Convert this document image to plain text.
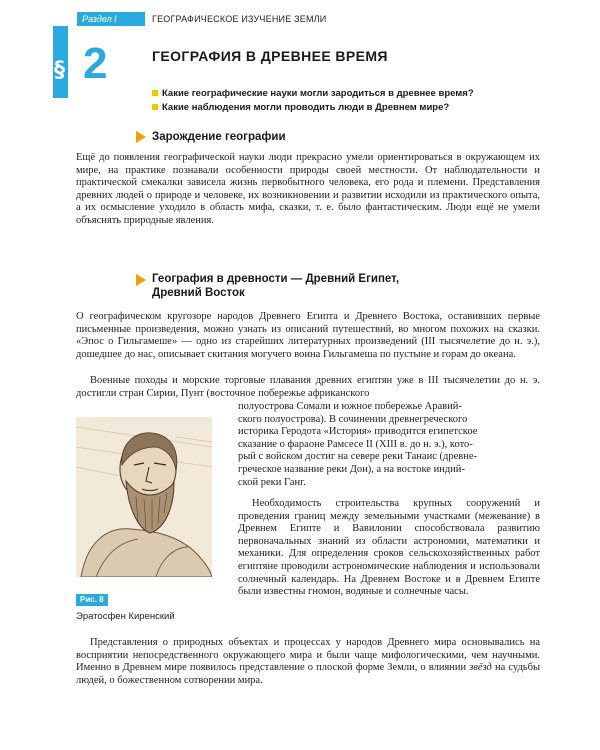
Раздел I	ГЕОГРАФИЧЕСКОЕ ИЗУЧЕНИЕ ЗЕМЛИ
§ 2	ГЕОГРАФИЯ В ДРЕВНЕЕ ВРЕМЯ
Какие географические науки могли зародиться в древнее время?
Какие наблюдения могли проводить люди в Древнем мире?
Зарождение географии

Ещё до появления географической науки люди прекрасно умели ориентироваться в окружающем их мире, на практике познавали особенности природы своей местности. От наблюдательности и практической смекалки зависела жизнь первобытного человека, его рода и племени. Представления древних людей о природе и человеке, их возникновении и развитии исходили из практического опыта, а их осмысление уходило в область мифа, сказки, т. е. было фантастическим. Люди ещё не умели объяснять природные явления.

География в древности — Древний Египет,
Древний Восток

О географическом кругозоре народов Древнего Египта и Древнего Востока, оставивших первые письменные произведения, можно узнать из описаний путешествий, во многом похожих на сказки. «Эпос о Гильгамеше» — одно из старейших литературных произведений (III тысячелетие до н. э.), дошедшее до нас, описывает скитания могучего воина Гильгамеша по пустыне и горам до океана.

Военные походы и морские торговые плавания древних египтян уже в III тысячелетии до н. э. достигли стран Сирии, Пунт (восточное побережье африканского

полуострова Сомали и южное побережье Аравий-
ского полуострова). В сочинении древнегреческого
историка Геродота «История» приводится египетское
сказание о фараоне Рамсесе II (XIII в. до н. э.), кото-
рый с войском достиг на севере реки Танаис (древне-
греческое название реки Дон), а на востоке индий-
ской реки Ганг.

Необходимость строительства крупных сооружений и проведения границ между земельными участками (межевание) в Древнем Египте и Вавилонии способствовала развитию первоначальных знаний из области астрономии, математики и механики. Для определения сроков сельскохозяйственных работ египтяне проводили астрономические наблюдения и использовали солнечный календарь. На Древнем Востоке и в Древнем Египте были известны гномон, водяные и солнечные часы.

Рис. 8
Эратосфен Киренский

Представления о природных объектах и процессах у народов Древнего мира основывались на восприятии непосредственного окружающего мира и были чаще мифологическими, чем научными. Именно в Древнем мире появилось представление о плоской форме Земли, о влиянии звёзд на судьбы людей, о божественном сотворении мира.
